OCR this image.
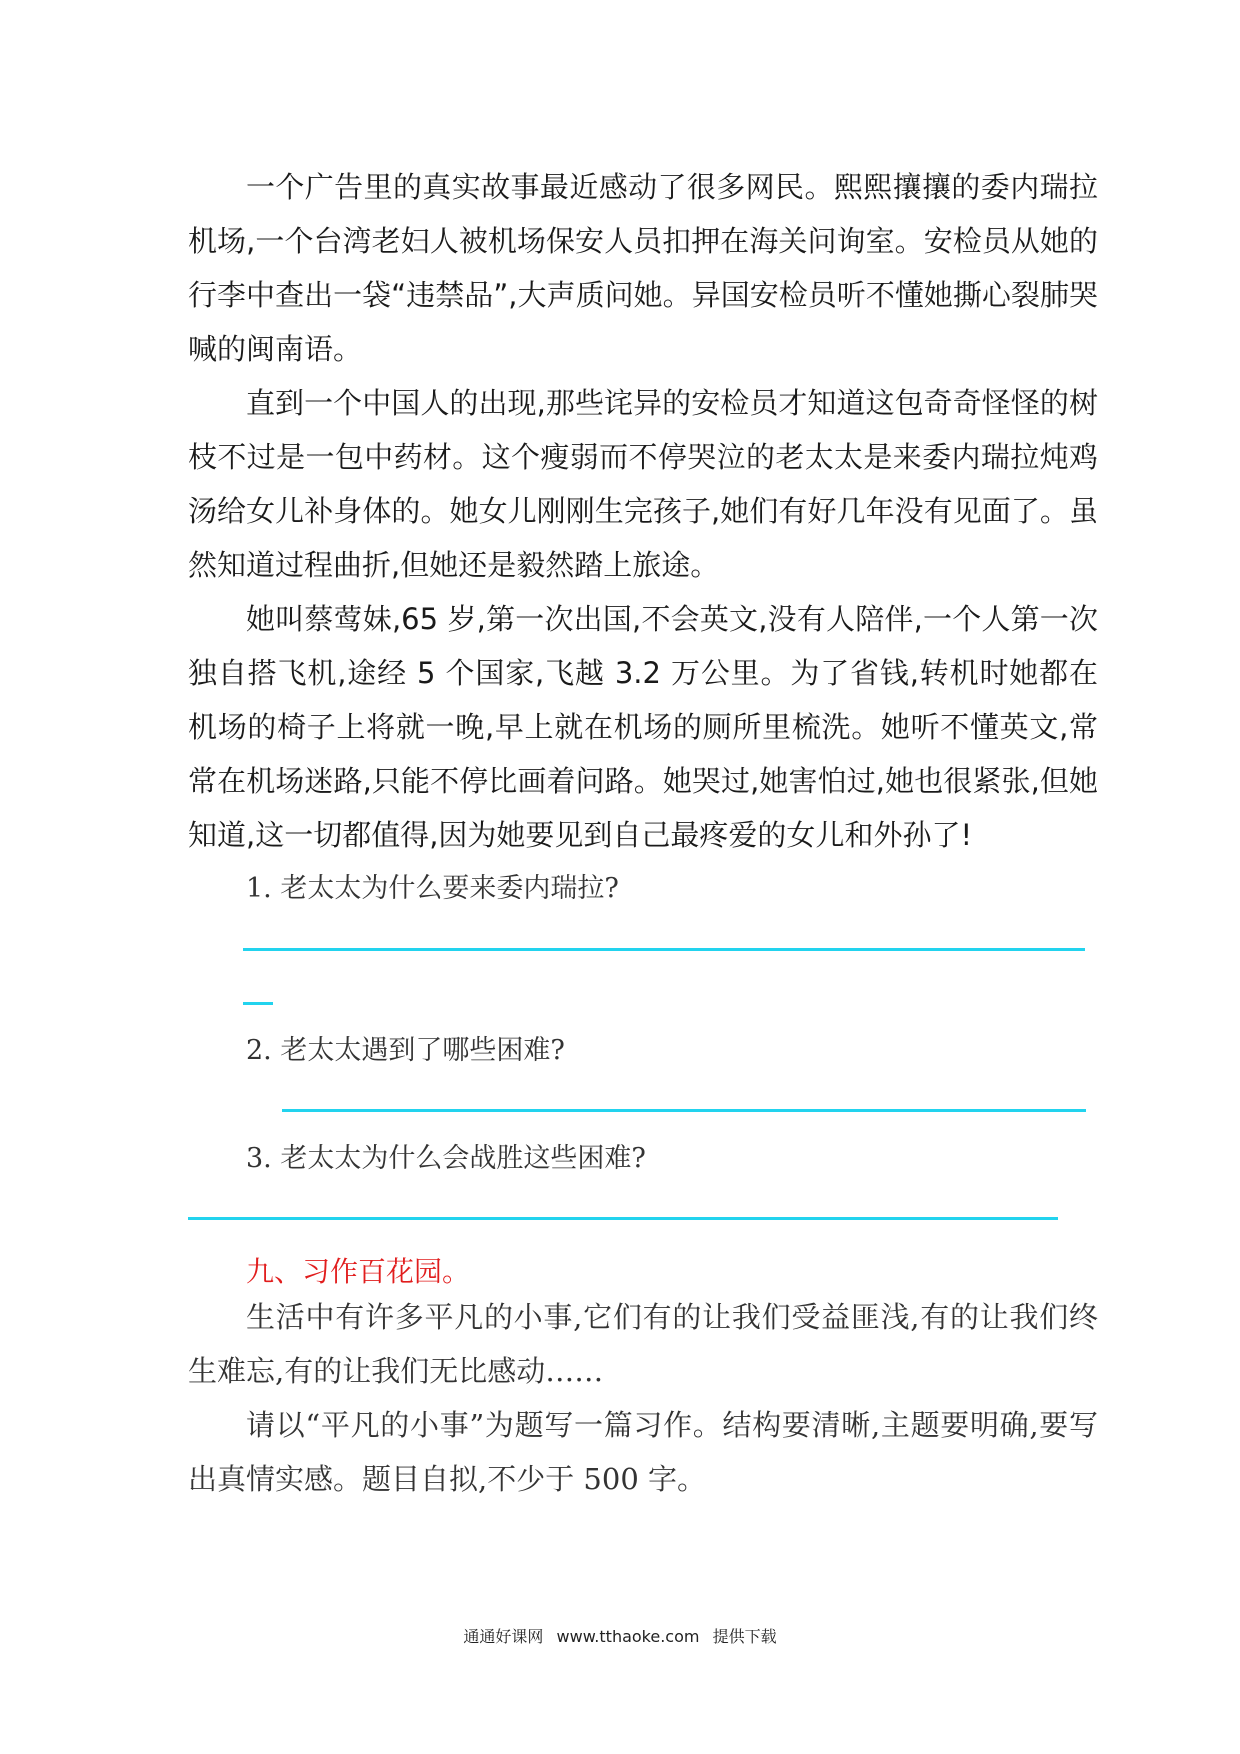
一个广告里的真实故事最近感动了很多网民。熙熙攘攘的委内瑞拉机场,一个台湾老妇人被机场保安人员扣押在海关问询室。安检员从她的行李中查出一袋“违禁品”,大声质问她。异国安检员听不懂她撕心裂肺哭喊的闽南语。

直到一个中国人的出现,那些诧异的安检员才知道这包奇奇怪怪的树枝不过是一包中药材。这个瘦弱而不停哭泣的老太太是来委内瑞拉炖鸡汤给女儿补身体的。她女儿刚刚生完孩子,她们有好几年没有见面了。虽然知道过程曲折,但她还是毅然踏上旅途。

她叫蔡莺妹,65 岁,第一次出国,不会英文,没有人陪伴,一个人第一次独自搭飞机,途经 5 个国家,飞越 3.2 万公里。为了省钱,转机时她都在机场的椅子上将就一晚,早上就在机场的厕所里梳洗。她听不懂英文,常常在机场迷路,只能不停比画着问路。她哭过,她害怕过,她也很紧张,但她知道,这一切都值得,因为她要见到自己最疼爱的女儿和外孙了!

1. 老太太为什么要来委内瑞拉?

2. 老太太遇到了哪些困难?

3. 老太太为什么会战胜这些困难?

九、习作百花园。

生活中有许多平凡的小事,它们有的让我们受益匪浅,有的让我们终生难忘,有的让我们无比感动……

请以“平凡的小事”为题写一篇习作。结构要清晰,主题要明确,要写出真情实感。题目自拟,不少于 500 字。

通通好课网 www.tthaoke.com 提供下载
